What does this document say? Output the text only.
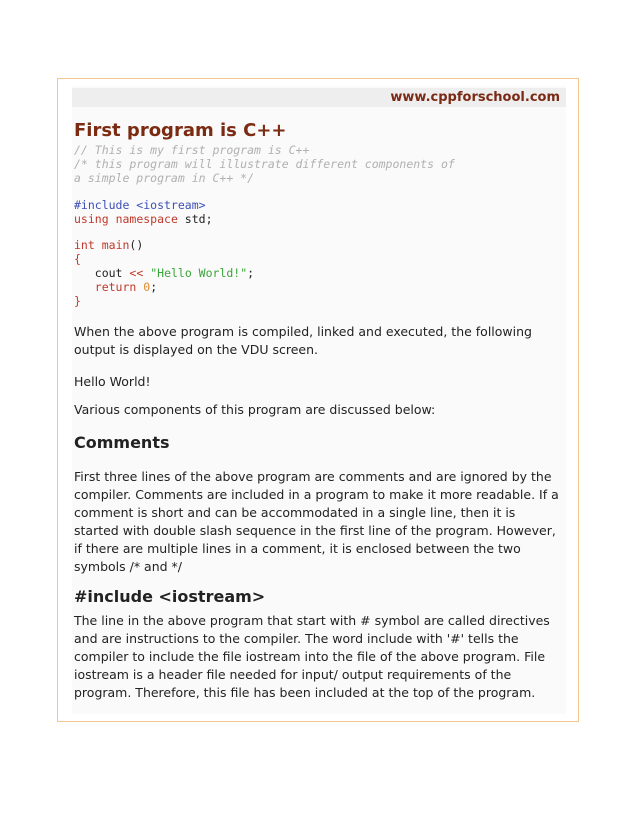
www.cppforschool.com
First program is C++
// This is my first program is C++
/* this program will illustrate different components of
a simple program in C++ */
#include <iostream>
using namespace std;
int main()
{
cout << "Hello World!";
return 0;
}

When the above program is compiled, linked and executed, the following output is displayed on the VDU screen.

Hello World!

Various components of this program are discussed below:

Comments

First three lines of the above program are comments and are ignored by the compiler. Comments are included in a program to make it more readable. If a comment is short and can be accommodated in a single line, then it is started with double slash sequence in the first line of the program. However, if there are multiple lines in a comment, it is enclosed between the two symbols /* and */

#include <iostream>

The line in the above program that start with # symbol are called directives and are instructions to the compiler. The word include with '#' tells the compiler to include the file iostream into the file of the above program. File iostream is a header file needed for input/ output requirements of the program. Therefore, this file has been included at the top of the program.
